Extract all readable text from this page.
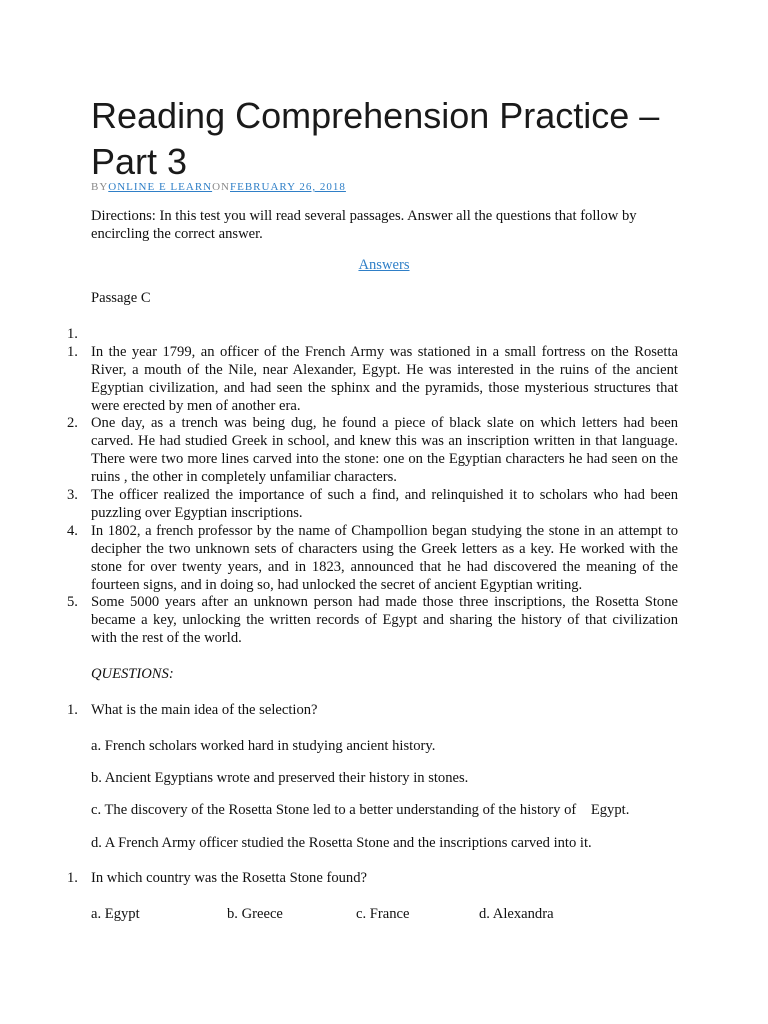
Reading Comprehension Practice – Part 3
BYONLINE E LEARNONFEBRUARY 26, 2018

Directions: In this test you will read several passages. Answer all the questions that follow by encircling the correct answer.

Answers

Passage C

1.
1. In the year 1799, an officer of the French Army was stationed in a small fortress on the Rosetta River, a mouth of the Nile, near Alexander, Egypt. He was interested in the ruins of the ancient Egyptian civilization, and had seen the sphinx and the pyramids, those mysterious structures that were erected by men of another era.
2. One day, as a trench was being dug, he found a piece of black slate on which letters had been carved. He had studied Greek in school, and knew this was an inscription written in that language. There were two more lines carved into the stone: one on the Egyptian characters he had seen on the ruins , the other in completely unfamiliar characters.
3. The officer realized the importance of such a find, and relinquished it to scholars who had been puzzling over Egyptian inscriptions.
4. In 1802, a french professor by the name of Champollion began studying the stone in an attempt to decipher the two unknown sets of characters using the Greek letters as a key. He worked with the stone for over twenty years, and in 1823, announced that he had discovered the meaning of the fourteen signs, and in doing so, had unlocked the secret of ancient Egyptian writing.
5. Some 5000 years after an unknown person had made those three inscriptions, the Rosetta Stone became a key, unlocking the written records of Egypt and sharing the history of that civilization with the rest of the world.

QUESTIONS:

1. What is the main idea of the selection?

a. French scholars worked hard in studying ancient history.

b. Ancient Egyptians wrote and preserved their history in stones.

c. The discovery of the Rosetta Stone led to a better understanding of the history of    Egypt.

d. A French Army officer studied the Rosetta Stone and the inscriptions carved into it.

1. In which country was the Rosetta Stone found?
a. Egypt	b. Greece	c. France	d. Alexandra
